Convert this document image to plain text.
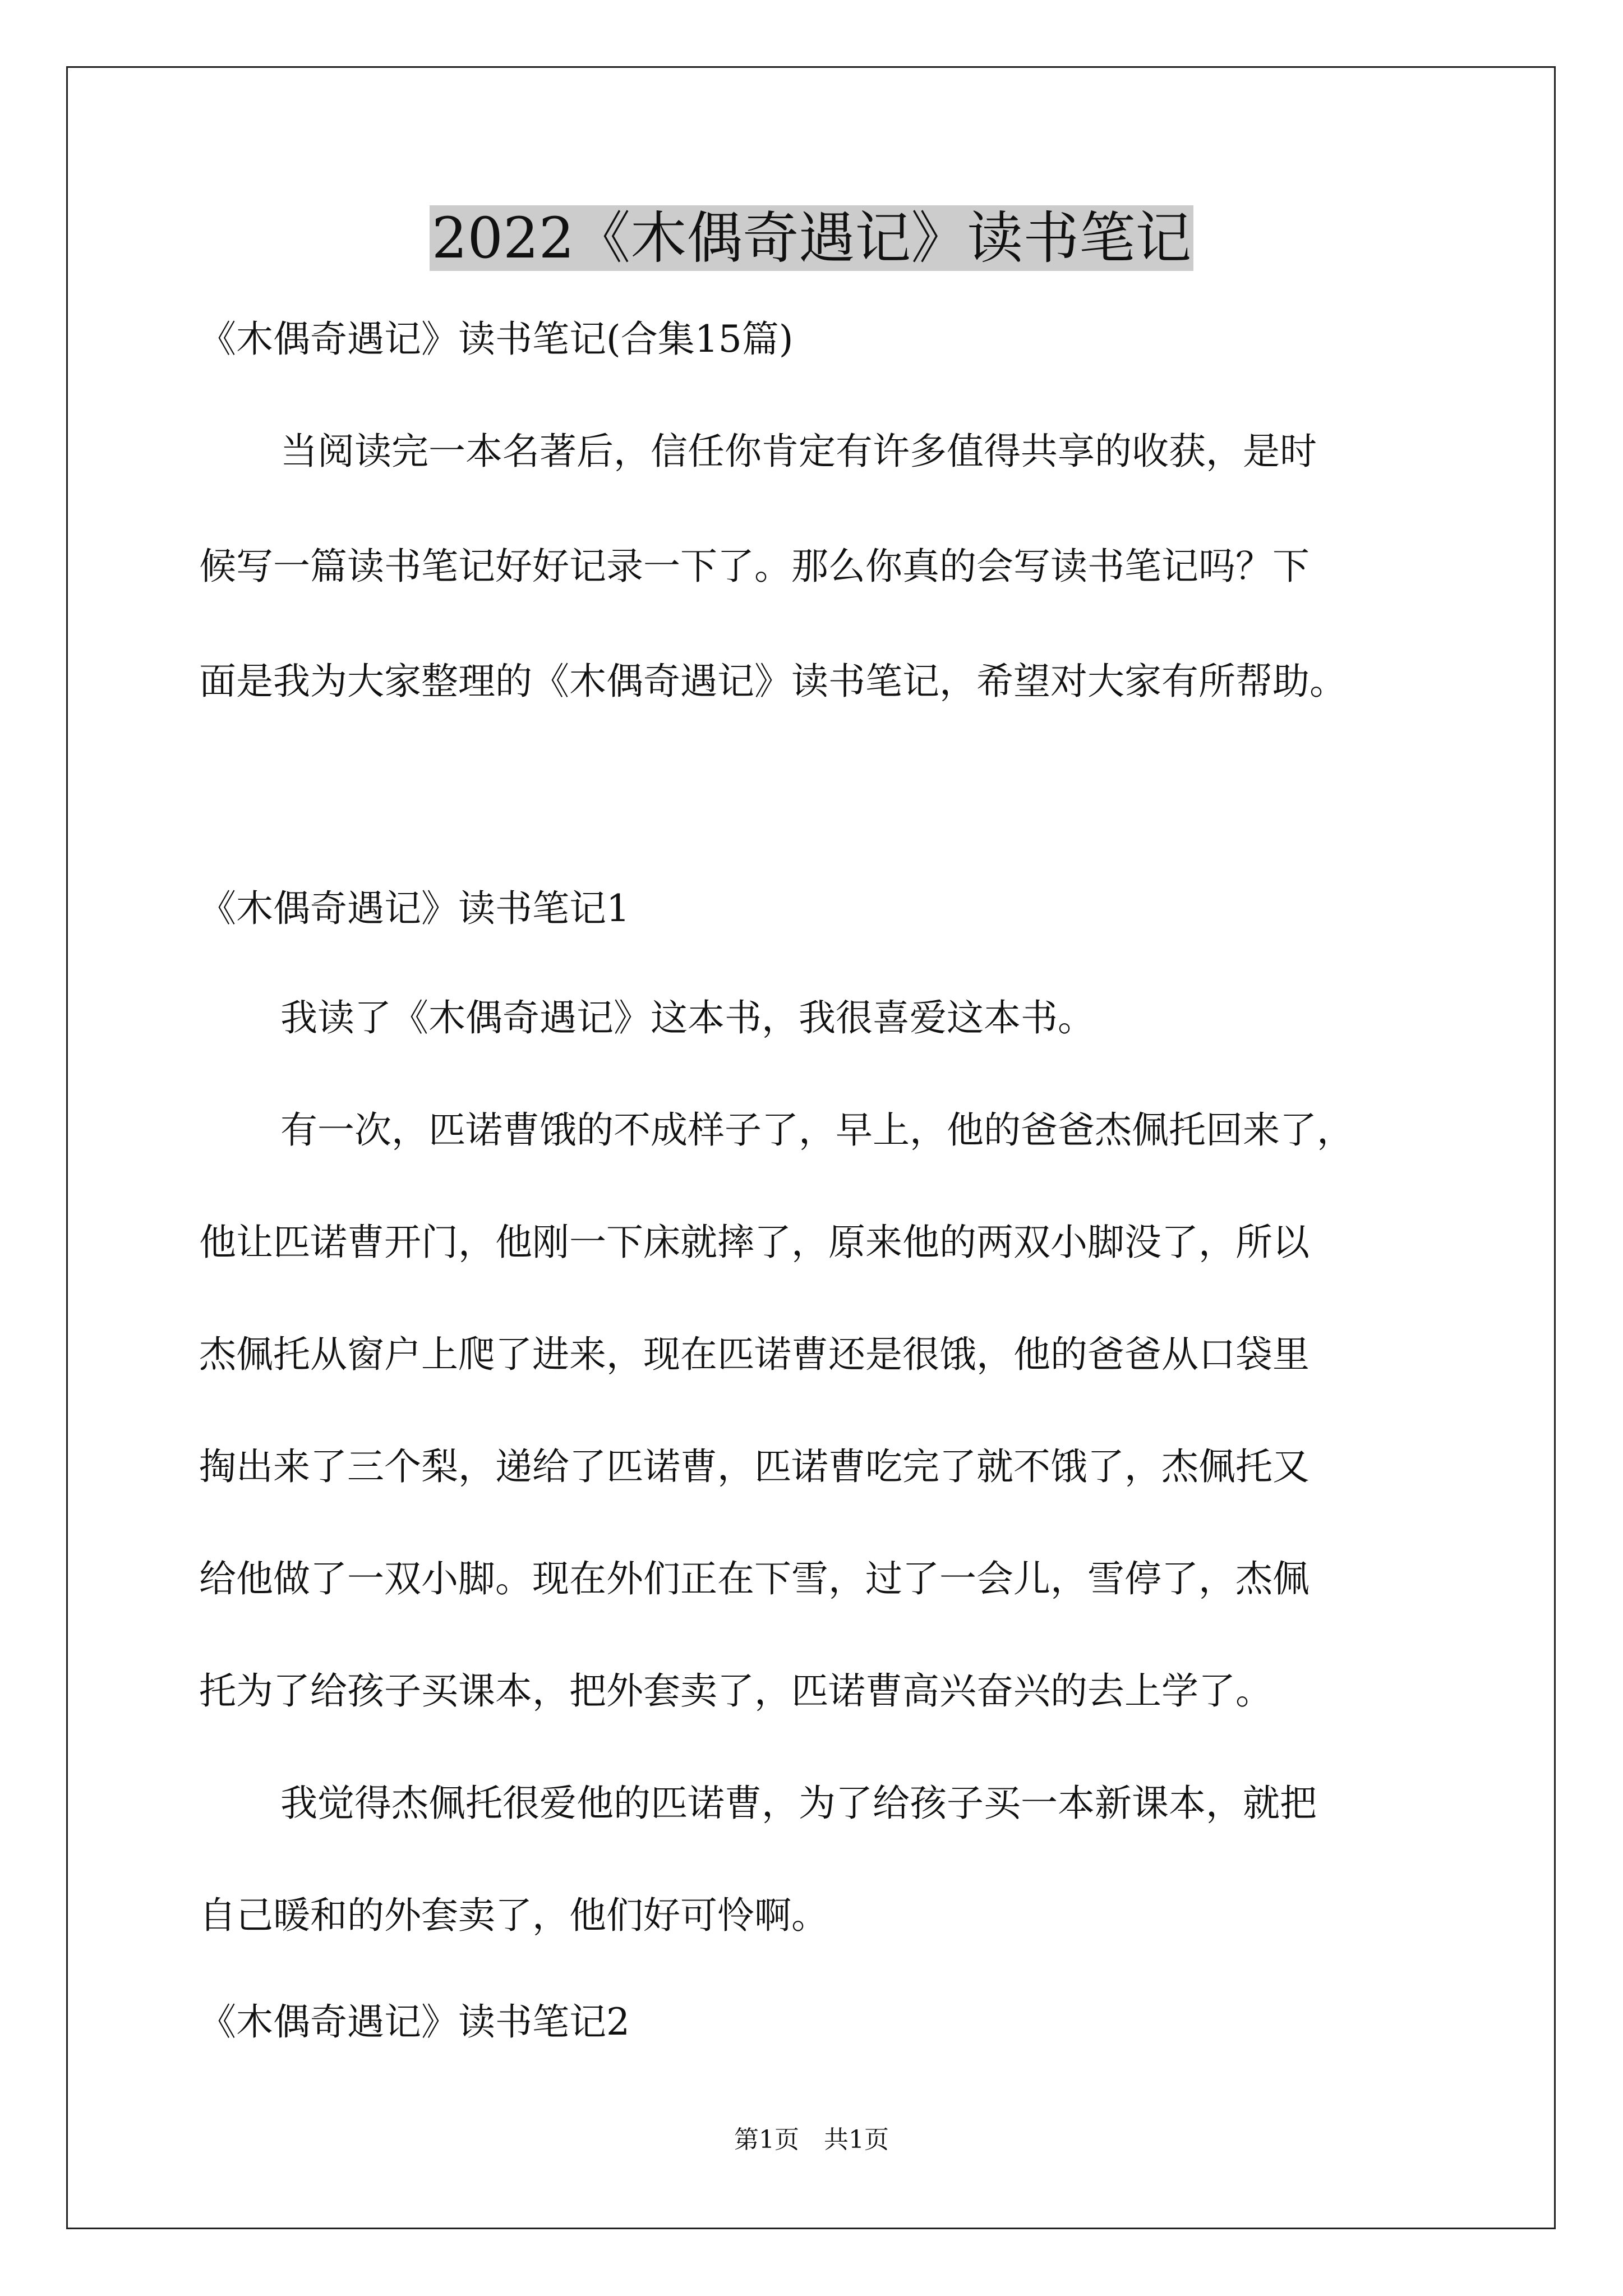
2022《木偶奇遇记》读书笔记
《木偶奇遇记》读书笔记(合集15篇)
当阅读完一本名著后，信任你肯定有许多值得共享的收获，是时
候写一篇读书笔记好好记录一下了。那么你真的会写读书笔记吗？下
面是我为大家整理的《木偶奇遇记》读书笔记，希望对大家有所帮助。
《木偶奇遇记》读书笔记1
我读了《木偶奇遇记》这本书，我很喜爱这本书。
有一次，匹诺曹饿的不成样子了，早上，他的爸爸杰佩托回来了，
他让匹诺曹开门，他刚一下床就摔了，原来他的两双小脚没了，所以
杰佩托从窗户上爬了进来，现在匹诺曹还是很饿，他的爸爸从口袋里
掏出来了三个梨，递给了匹诺曹，匹诺曹吃完了就不饿了，杰佩托又
给他做了一双小脚。现在外们正在下雪，过了一会儿，雪停了，杰佩
托为了给孩子买课本，把外套卖了，匹诺曹高兴奋兴的去上学了。
我觉得杰佩托很爱他的匹诺曹，为了给孩子买一本新课本，就把
自己暖和的外套卖了，他们好可怜啊。
《木偶奇遇记》读书笔记2
第1页　共1页
